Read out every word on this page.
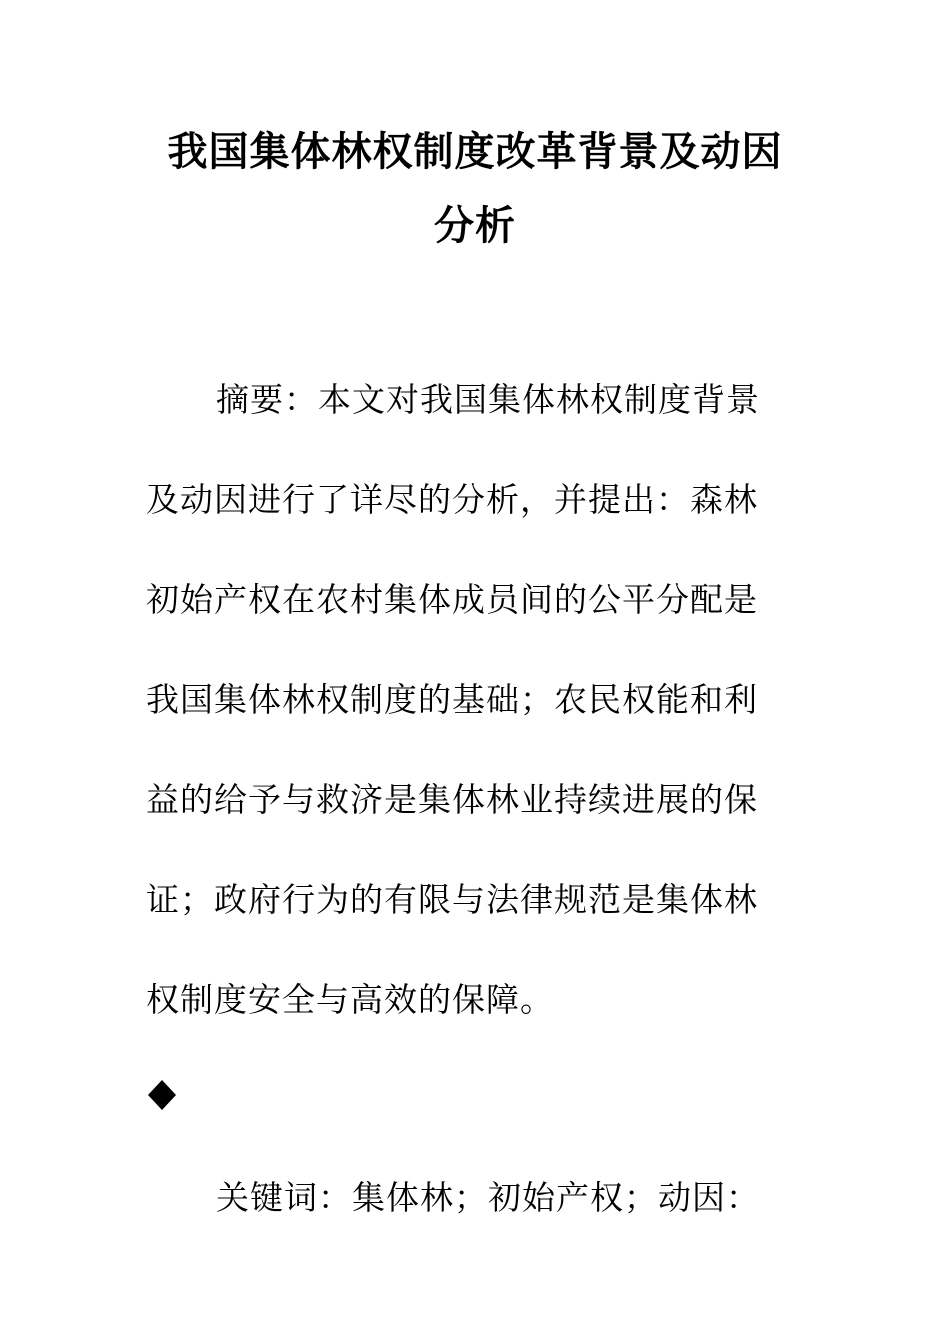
我国集体林权制度改革背景及动因
分析
摘要：本文对我国集体林权制度背景
及动因进行了详尽的分析，并提出：森林
初始产权在农村集体成员间的公平分配是
我国集体林权制度的基础；农民权能和利
益的给予与救济是集体林业持续进展的保
证；政府行为的有限与法律规范是集体林
权制度安全与高效的保障。
关键词：集体林；初始产权；动因：
